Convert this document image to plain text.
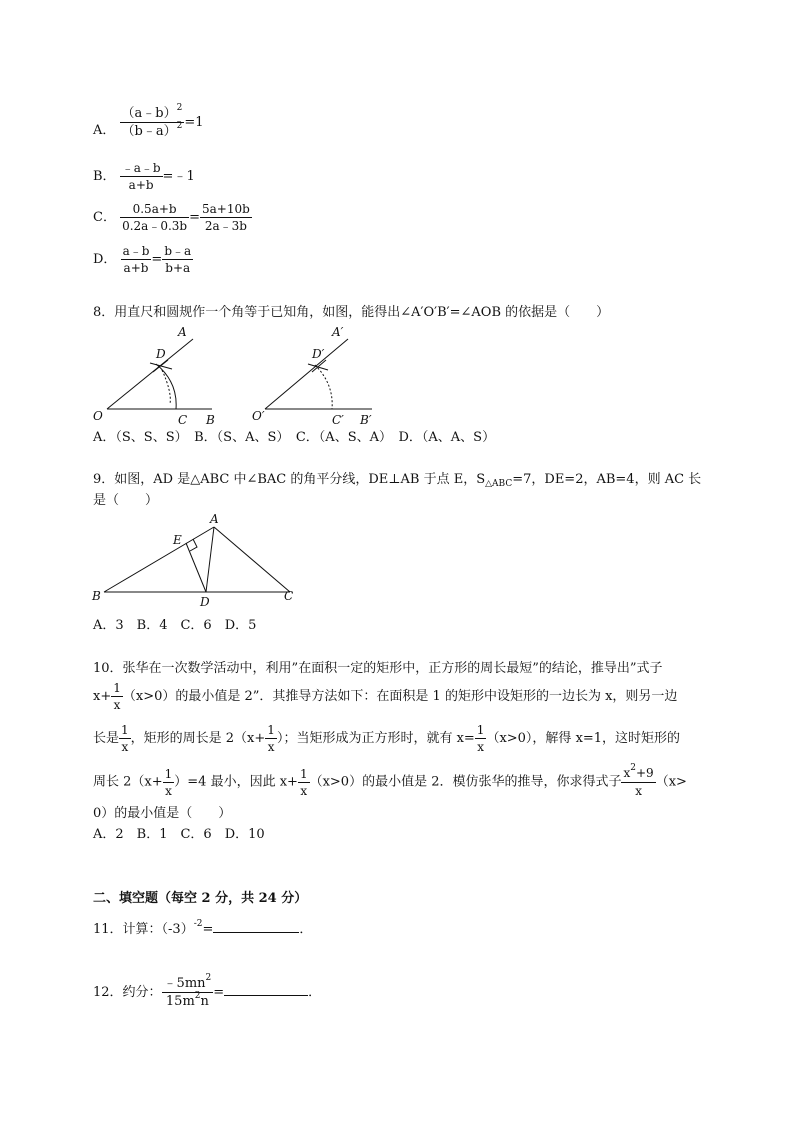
A． $\frac{(a﹣b)^2}{(b﹣a)^2} =1$
B． $\frac{﹣a﹣b}{a+b}$ =﹣1
C． $\frac{0.5a+b}{0.2a﹣0.3b} = \frac{5a+10b}{2a﹣3b}$
D． $\frac{a﹣b}{a+b} = \frac{b﹣a}{b+a}$
8．用直尺和圆规作一个角等于已知角，如图，能得出∠A′O′B′=∠AOB 的依据是（　　）
A
D
O	C B
A′
D′
O′	C′ B′
A．（S、S、S）　B．（S、A、S）　C．（A、S、A）　D．（A、A、S）
9．如图，AD 是△ABC 中∠BAC 的角平分线，DE⊥AB 于点 E，$S_{\triangle ABC}=7$，DE=2，AB=4，则 AC 长
是（　　）
A
E
B	D	C
A．3　B．4　C．6　D．5
10．张华在一次数学活动中，利用”在面积一定的矩形中，正方形的周长最短”的结论，推导出”式子
$x+ \frac{1}{x} (x>0)$的最小值是 2”．其推导方法如下：在面积是 1 的矩形中设矩形的一边长为 x，则另一边
长是 $\frac{1}{x}$ ，矩形的周长是 $2(x+ \frac{1}{x}$ ）；当矩形成为正方形时，就有 $x= \frac{1}{x} (x>0)$，解得 x=1，这时矩形的
周长 $2(x+ \frac{1}{x} )=4$ 最小，因此 $x+ \frac{1}{x} (x>0)$的最小值是 2．模仿张华的推导，你求得式子 $\frac{x^2+9}{x} (x>$
0）的最小值是（　　）
A．2　B．1　C．6　D．10
二、填空题（每空 2 分，共 24 分）
11．计算：$(-3)^{-2}=$	．
12．约分： $\frac{﹣5mn^2}{15m^2n}$ =	．
